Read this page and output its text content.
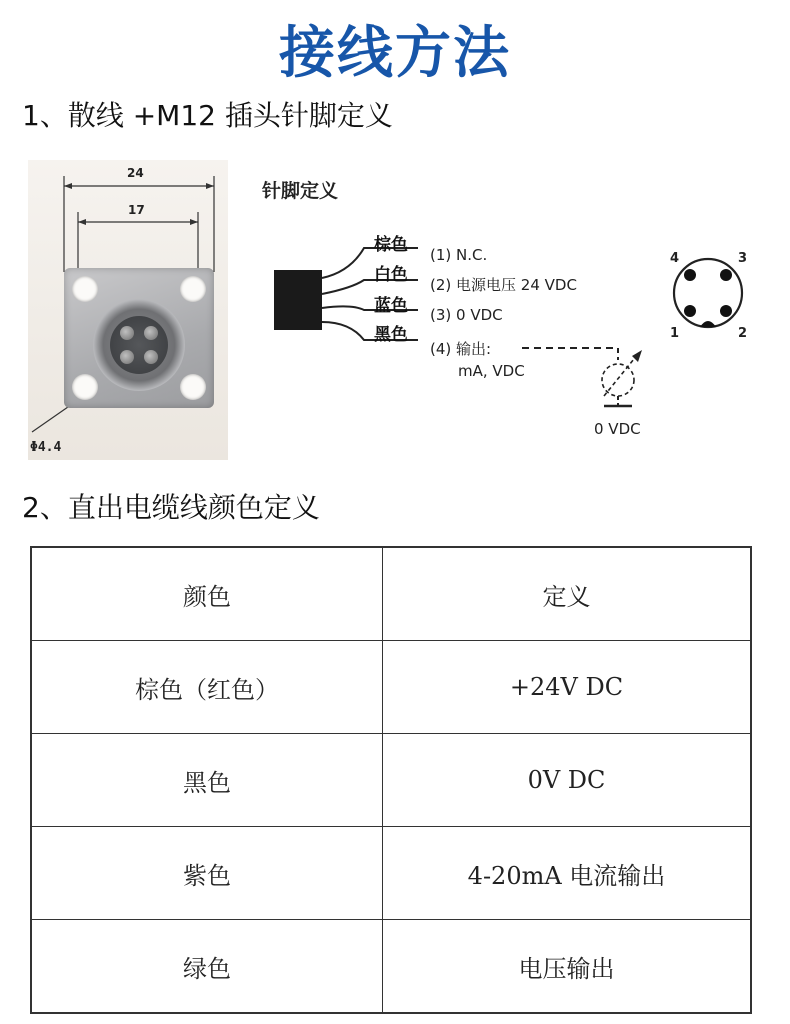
接线方法
1、散线 +M12 插头针脚定义
24
17
Φ4.4
针脚定义
棕色
白色
蓝色
黑色
(1) N.C.
(2) 电源电压 24 VDC
(3) 0 VDC
(4) 输出:
mA, VDC
0 VDC
4	3
1	2
2、直出电缆线颜色定义
颜色	定义
棕色（红色）	+24V DC
黑色	0V DC
紫色	4-20mA 电流输出
绿色	电压输出
